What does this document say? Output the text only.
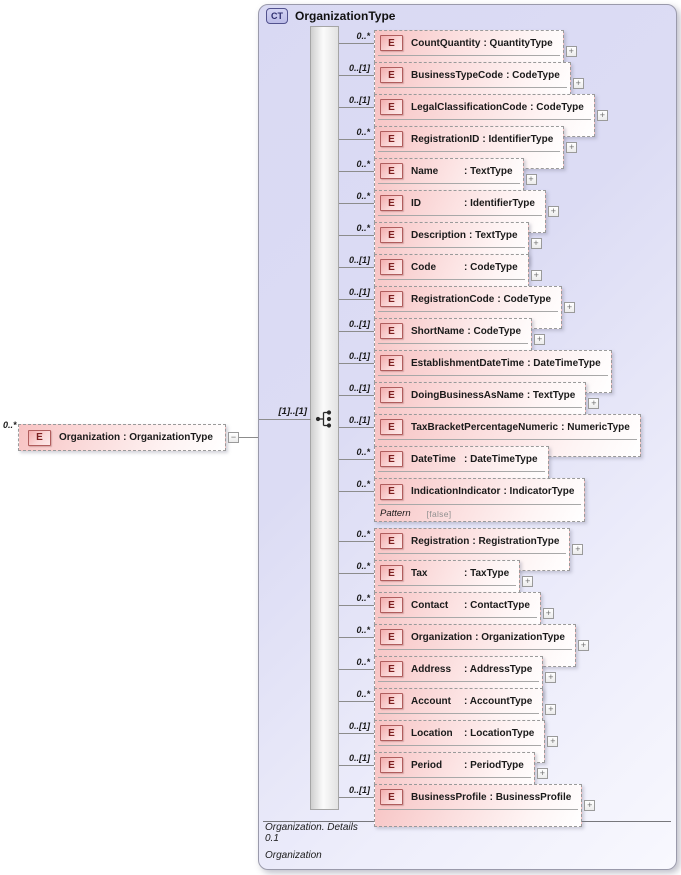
0..*
E	Organization : OrganizationType	−
CT	OrganizationType
[1]..[1]
0..*
E	CountQuantity : QuantityType
+
0..[1]
E	BusinessTypeCode : CodeType
+
0..[1]
E	LegalClassificationCode : CodeType
+
0..*
E	RegistrationID : IdentifierType
+
0..*
E	Name	: TextType
+
0..*
E	ID	: IdentifierType
+
0..*
E	Description : TextType
+
0..[1]
E	Code	: CodeType
+
0..[1]
E	RegistrationCode : CodeType
+
0..[1]
E	ShortName : CodeType
+
0..[1]
E	EstablishmentDateTime : DateTimeType
0..[1]
E	DoingBusinessAsName : TextType
+
0..[1]
E	TaxBracketPercentageNumeric : NumericType
0..*
E	DateTime : DateTimeType
0..*
E	IndicationIndicator : IndicatorType
Pattern [false]
0..*
E	Registration : RegistrationType
+
0..*
E	Tax	: TaxType
+
0..*
E	Contact	: ContactType
+
0..*
E	Organization : OrganizationType
+
0..*
E	Address	: AddressType
+
0..*
E	Account	: AccountType
+
0..[1]
E	Location	: LocationType
+
0..[1]
E	Period	: PeriodType
+
0..[1]
E	BusinessProfile : BusinessProfile
+
Organization. Details
0.1
Organization
